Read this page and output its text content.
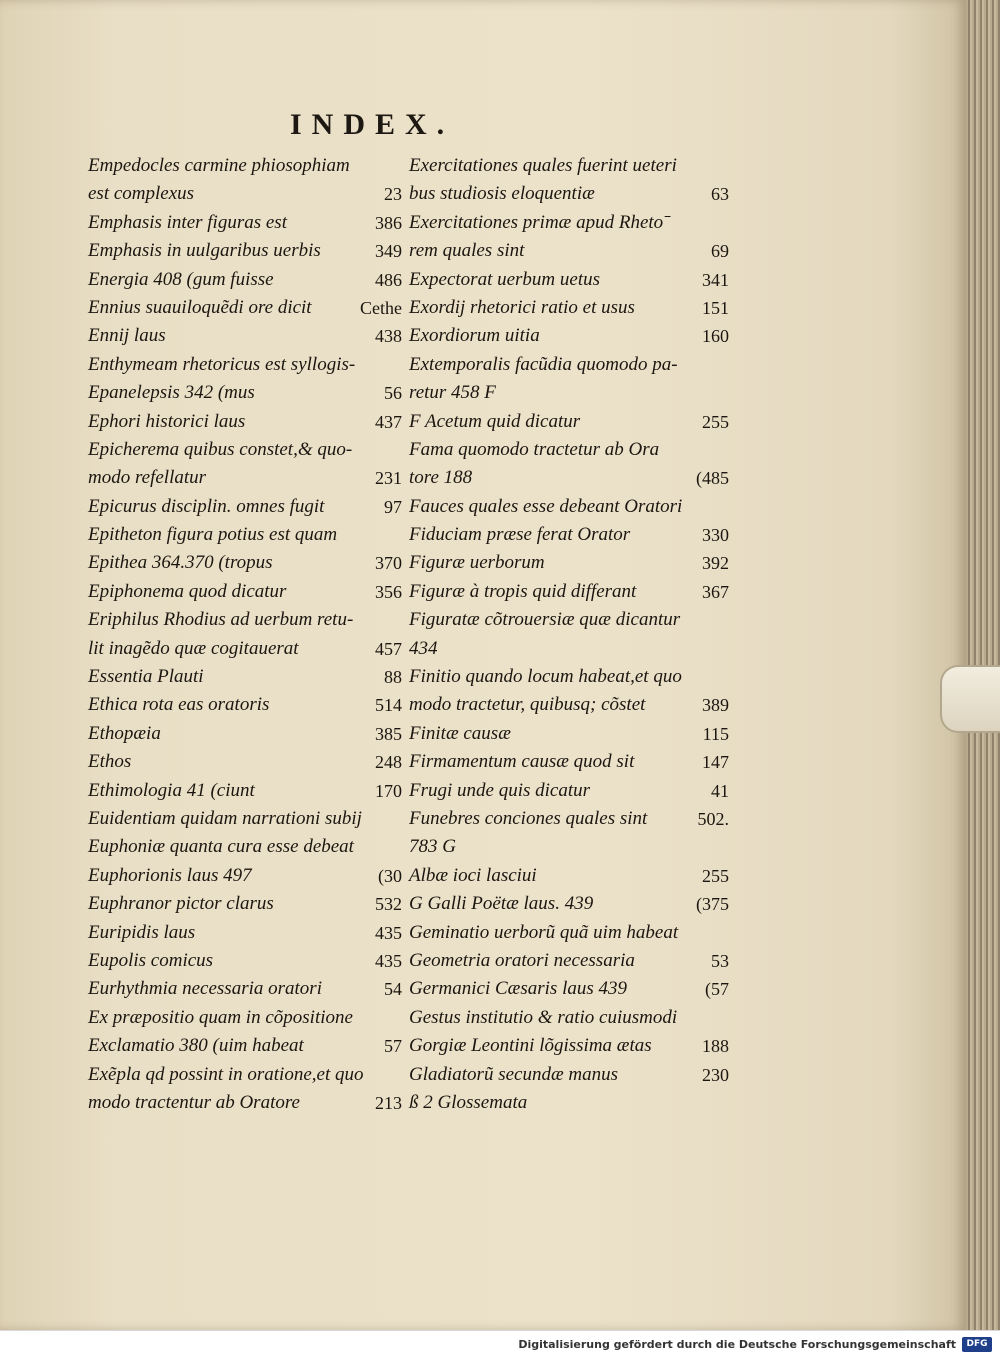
INDEX.
Empedocles carmine phiosophiam
est complexus	23
Emphasis inter figuras est	386
Emphasis in uulgaribus uerbis	349
Energia 408 (gum fuisse	486
Ennius suauiloquẽdi ore dicit	Cethe
Ennij laus	438
Enthymeam rhetoricus est syllogis-
Epanelepsis 342 (mus	56
Ephori historici laus	437
Epicherema quibus constet,& quo-
modo refellatur	231
Epicurus disciplin. omnes fugit	97
Epitheton figura potius est quam
Epithea 364.370 (tropus	370
Epiphonema quod dicatur	356
Eriphilus Rhodius ad uerbum retu-
lit inagẽdo quæ cogitauerat	457
Essentia Plauti	88
Ethica rota eas oratoris	514
Ethopæia	385
Ethos	248
Ethimologia 41 (ciunt	170
Euidentiam quidam narrationi subij
Euphoniæ quanta cura esse debeat
Euphorionis laus 497	(30
Euphranor pictor clarus	532
Euripidis laus	435
Eupolis comicus	435
Eurhythmia necessaria oratori	54
Ex præpositio quam in cõpositione
Exclamatio 380 (uim habeat	57
Exẽpla qd possint in oratione,et quo
modo tractentur ab Oratore	213
Exercitationes quales fuerint ueteri
bus studiosis eloquentiæ	63
Exercitationes primæ apud Rhetoˉ
rem quales sint	69
Expectorat uerbum uetus	341
Exordij rhetorici ratio et usus	151
Exordiorum uitia	160
Extemporalis facũdia quomodo pa-
retur 458 F
F Acetum quid dicatur	255
Fama quomodo tractetur ab Ora
tore 188	(485
Fauces quales esse debeant Oratori
Fiduciam præse ferat Orator	330
Figuræ uerborum	392
Figuræ à tropis quid differant	367
Figuratæ cõtrouersiæ quæ dicantur
434
Finitio quando locum habeat,et quo
modo tractetur, quibusq; cõstet	389
Finitæ causæ	115
Firmamentum causæ quod sit	147
Frugi unde quis dicatur	41
Funebres conciones quales sint	502.
783 G
Albæ ioci lasciui	255
G Galli Poëtæ laus. 439	(375
Geminatio uerborũ quã uim habeat
Geometria oratori necessaria	53
Germanici Cæsaris laus 439	(57
Gestus institutio & ratio cuiusmodi
Gorgiæ Leontini lõgissima ætas	188
Gladiatorũ secundæ manus	230
ß 2 Glossemata
Digitalisierung gefördert durch die Deutsche Forschungsgemeinschaft	DFG
